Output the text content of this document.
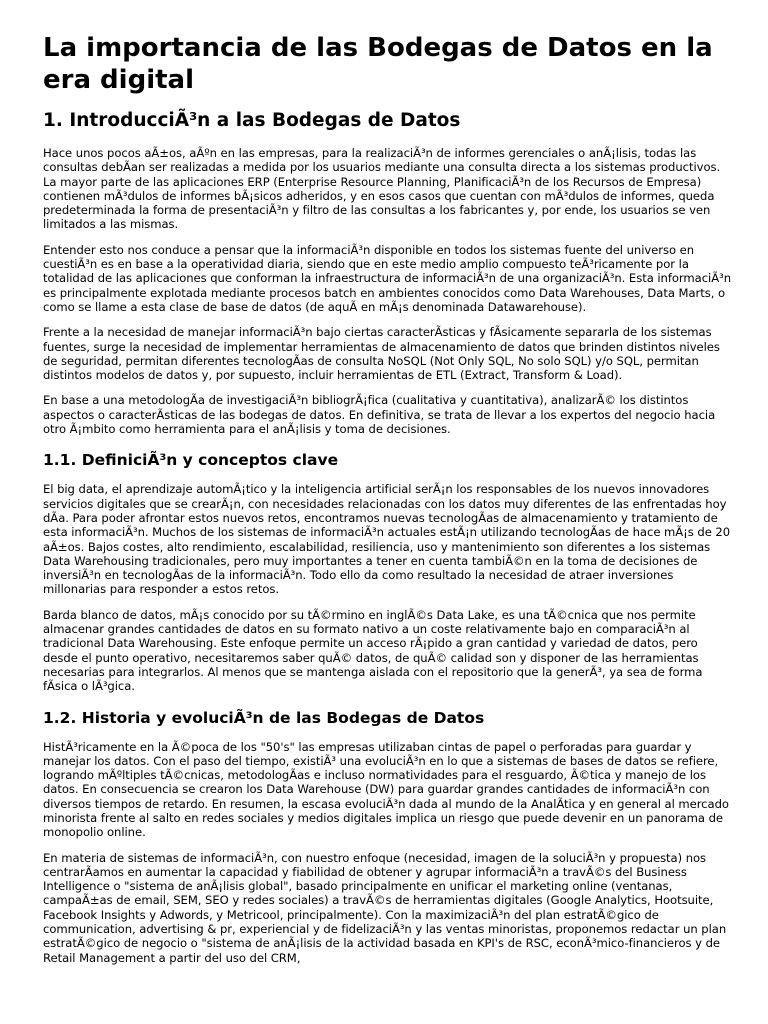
La importancia de las Bodegas de Datos en la era digital
1. IntroducciÃ³n a las Bodegas de Datos

Hace unos pocos aÃ±os, aÃºn en las empresas, para la realizaciÃ³n de informes gerenciales o anÃ¡lisis, todas las consultas debÃan ser realizadas a medida por los usuarios mediante una consulta directa a los sistemas productivos. La mayor parte de las aplicaciones ERP (Enterprise Resource Planning, PlanificaciÃ³n de los Recursos de Empresa) contienen mÃ³dulos de informes bÃ¡sicos adheridos, y en esos casos que cuentan con mÃ³dulos de informes, queda predeterminada la forma de presentaciÃ³n y filtro de las consultas a los fabricantes y, por ende, los usuarios se ven limitados a las mismas.

Entender esto nos conduce a pensar que la informaciÃ³n disponible en todos los sistemas fuente del universo en cuestiÃ³n es en base a la operatividad diaria, siendo que en este medio amplio compuesto teÃ³ricamente por la totalidad de las aplicaciones que conforman la infraestructura de informaciÃ³n de una organizaciÃ³n. Esta informaciÃ³n es principalmente explotada mediante procesos batch en ambientes conocidos como Data Warehouses, Data Marts, o como se llame a esta clase de base de datos (de aquÃ en mÃ¡s denominada Datawarehouse).

Frente a la necesidad de manejar informaciÃ³n bajo ciertas caracterÃsticas y fÃsicamente separarla de los sistemas fuentes, surge la necesidad de implementar herramientas de almacenamiento de datos que brinden distintos niveles de seguridad, permitan diferentes tecnologÃas de consulta NoSQL (Not Only SQL, No solo SQL) y/o SQL, permitan distintos modelos de datos y, por supuesto, incluir herramientas de ETL (Extract, Transform & Load).

En base a una metodologÃa de investigaciÃ³n bibliogrÃ¡fica (cualitativa y cuantitativa), analizarÃ© los distintos aspectos o caracterÃsticas de las bodegas de datos. En definitiva, se trata de llevar a los expertos del negocio hacia otro Ã¡mbito como herramienta para el anÃ¡lisis y toma de decisiones.

1.1. DefiniciÃ³n y conceptos clave

El big data, el aprendizaje automÃ¡tico y la inteligencia artificial serÃ¡n los responsables de los nuevos innovadores servicios digitales que se crearÃ¡n, con necesidades relacionadas con los datos muy diferentes de las enfrentadas hoy dÃa. Para poder afrontar estos nuevos retos, encontramos nuevas tecnologÃas de almacenamiento y tratamiento de esta informaciÃ³n. Muchos de los sistemas de informaciÃ³n actuales estÃ¡n utilizando tecnologÃas de hace mÃ¡s de 20 aÃ±os. Bajos costes, alto rendimiento, escalabilidad, resiliencia, uso y mantenimiento son diferentes a los sistemas Data Warehousing tradicionales, pero muy importantes a tener en cuenta tambiÃ©n en la toma de decisiones de inversiÃ³n en tecnologÃas de la informaciÃ³n. Todo ello da como resultado la necesidad de atraer inversiones millonarias para responder a estos retos.

Barda blanco de datos, mÃ¡s conocido por su tÃ©rmino en inglÃ©s Data Lake, es una tÃ©cnica que nos permite almacenar grandes cantidades de datos en su formato nativo a un coste relativamente bajo en comparaciÃ³n al tradicional Data Warehousing. Este enfoque permite un acceso rÃ¡pido a gran cantidad y variedad de datos, pero desde el punto operativo, necesitaremos saber quÃ© datos, de quÃ© calidad son y disponer de las herramientas necesarias para integrarlos. Al menos que se mantenga aislada con el repositorio que la generÃ³, ya sea de forma fÃsica o lÃ³gica.

1.2. Historia y evoluciÃ³n de las Bodegas de Datos

HistÃ³ricamente en la Ã©poca de los "50's" las empresas utilizaban cintas de papel o perforadas para guardar y manejar los datos. Con el paso del tiempo, existiÃ³ una evoluciÃ³n en lo que a sistemas de bases de datos se refiere, logrando mÃºltiples tÃ©cnicas, metodologÃas e incluso normatividades para el resguardo, Ã©tica y manejo de los datos. En consecuencia se crearon los Data Warehouse (DW) para guardar grandes cantidades de informaciÃ³n con diversos tiempos de retardo. En resumen, la escasa evoluciÃ³n dada al mundo de la AnalÃtica y en general al mercado minorista frente al salto en redes sociales y medios digitales implica un riesgo que puede devenir en un panorama de monopolio online.

En materia de sistemas de informaciÃ³n, con nuestro enfoque (necesidad, imagen de la soluciÃ³n y propuesta) nos centrarÃamos en aumentar la capacidad y fiabilidad de obtener y agrupar informaciÃ³n a travÃ©s del Business Intelligence o "sistema de anÃ¡lisis global", basado principalmente en unificar el marketing online (ventanas, campaÃ±as de email, SEM, SEO y redes sociales) a travÃ©s de herramientas digitales (Google Analytics, Hootsuite, Facebook Insights y Adwords, y Metricool, principalmente). Con la maximizaciÃ³n del plan estratÃ©gico de communication, advertising & pr, experiencial y de fidelizaciÃ³n y las ventas minoristas, proponemos redactar un plan estratÃ©gico de negocio o "sistema de anÃ¡lisis de la actividad basada en KPI's de RSC, econÃ³mico-financieros y de Retail Management a partir del uso del CRM,
